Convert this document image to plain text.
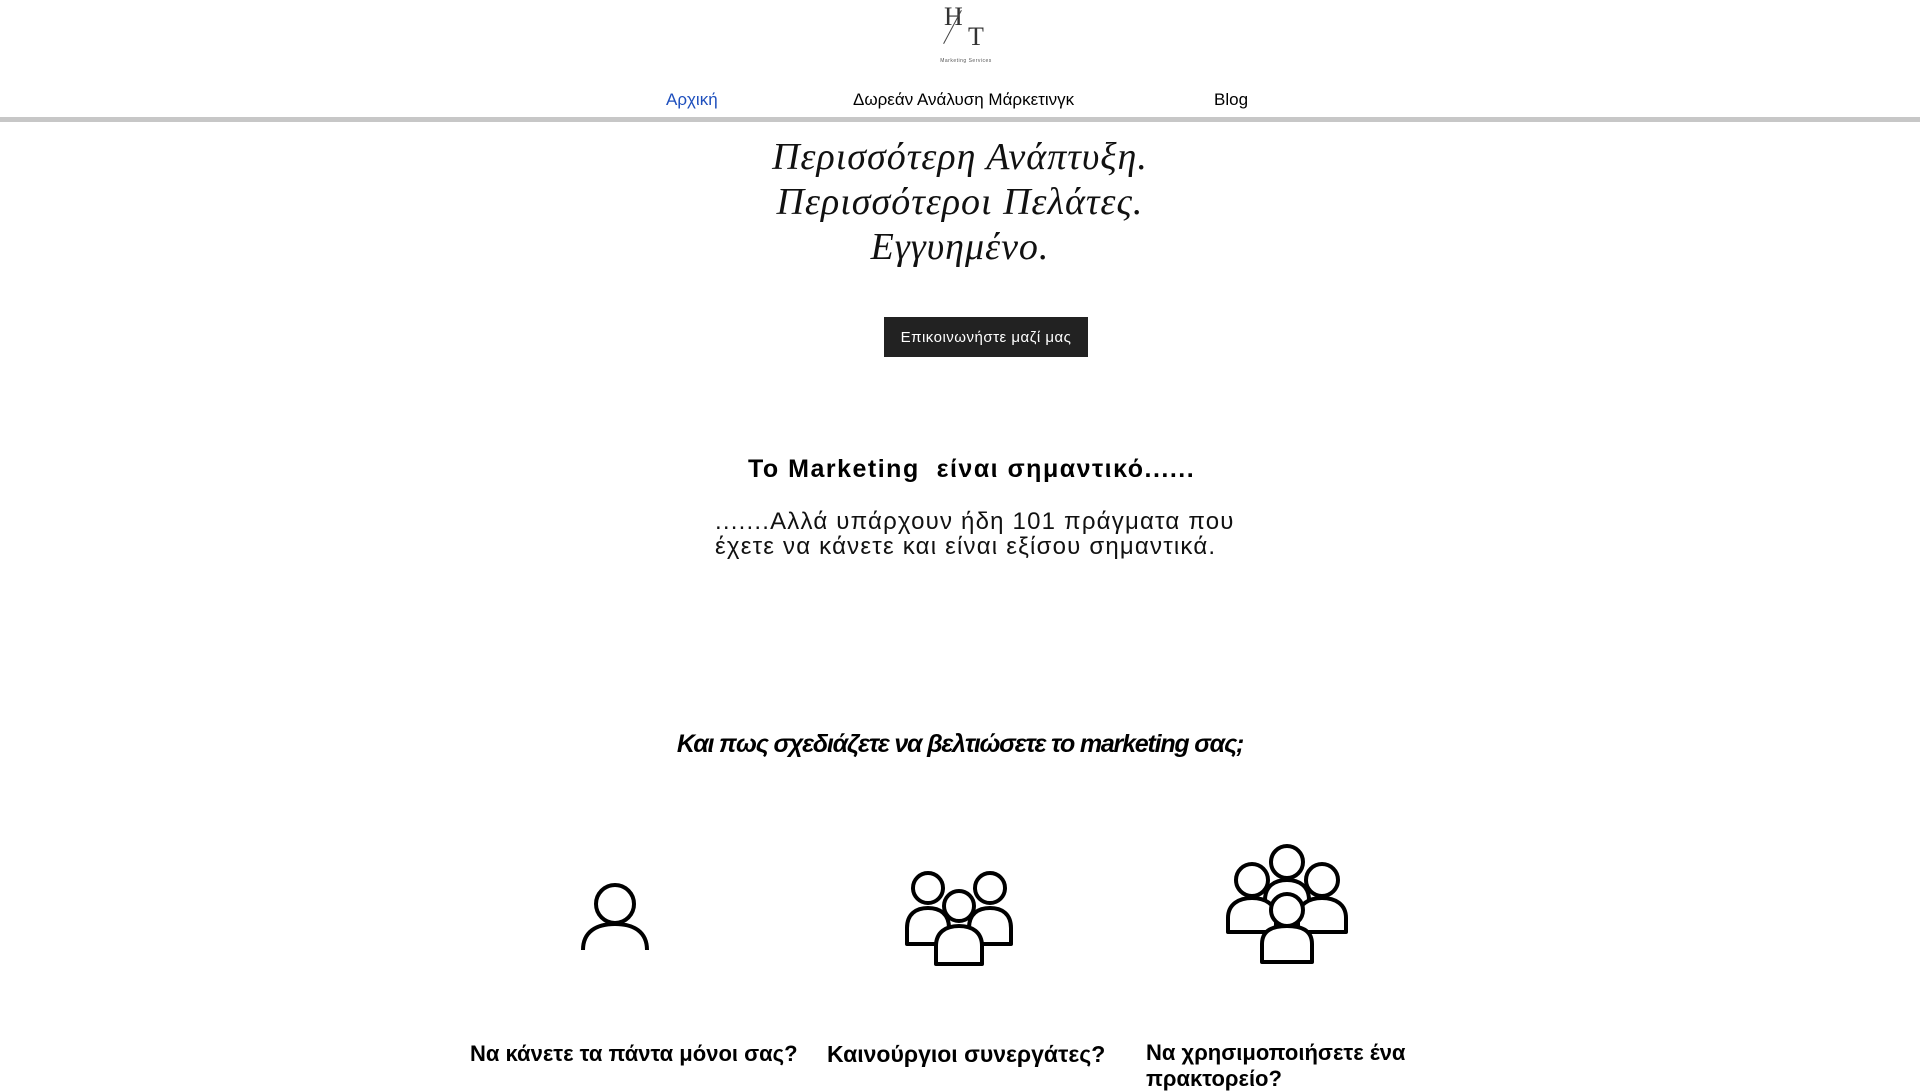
H
T
Marketing Services
Αρχική	Δωρεάν Ανάλυση Μάρκετινγκ	Blog
Περισσότερη Ανάπτυξη.
Περισσότεροι Πελάτες.
Εγγυημένο.
Επικοινωνήστε μαζί μας
Το Marketing  είναι σημαντικό......
.......Αλλά υπάρχουν ήδη 101 πράγματα που έχετε να κάνετε και είναι εξίσου σημαντικά.
Και πως σχεδιάζετε να βελτιώσετε το marketing σας;
Να κάνετε τα πάντα μόνοι σας? Καινούργιοι συνεργάτες? Να χρησιμοποιήσετε ένα πρακτορείο?
